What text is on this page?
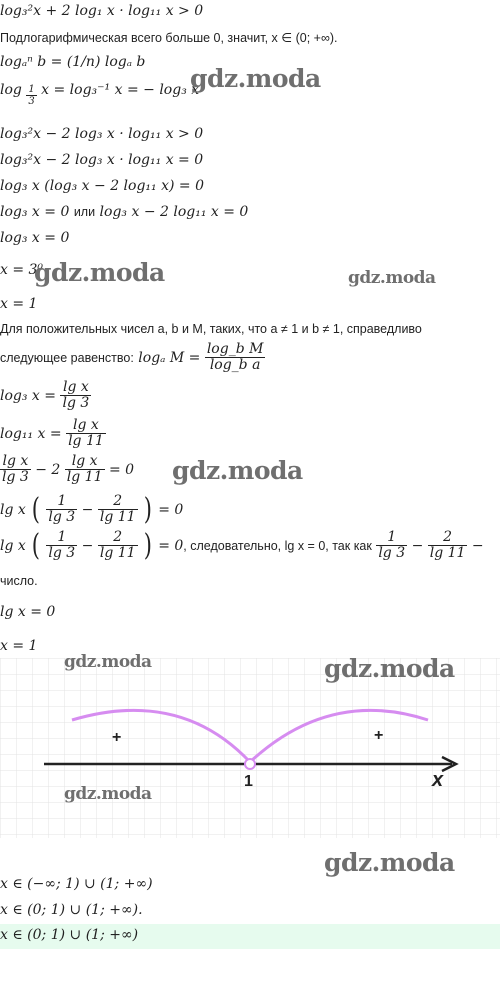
log₃²x + 2 log₁ x · log₁₁ x > 0
Подлогарифмическая всего больше 0, значит, x ∈ (0; +∞).
logₐⁿ b = (1/n) logₐ b
$\log \frac{1}{3}$ x = log₃⁻¹ x = − log₃ x
log₃²x − 2 log₃ x · log₁₁ x > 0
log₃²x − 2 log₃ x · log₁₁ x = 0
log₃ x (log₃ x − 2 log₁₁ x) = 0
log₃ x = 0 или log₃ x − 2 log₁₁ x = 0
log₃ x = 0
x = 3⁰
x = 1
Для положительных чисел a, b и M, таких, что a ≠ 1 и b ≠ 1, справедливо
следующее равенство: logₐ $M = \frac{\text{log\_b M}}{\text{log\_b a}}$
log₃ $x = \frac{\text{lg x}}{\lg 3}$
log₁₁ $x = \frac{\text{lg x}}{\lg 11}$
$\frac{\text{lg x}}{\lg 3} - 2 \frac{\text{lg x}}{\lg 11} = 0$
lg x ( $\frac{1}{\lg 3} - \frac{2}{\lg 11}$ ) = 0
lg x ( $\frac{1}{\lg 3} - \frac{2}{\lg 11}$ ) = 0, следовательно, lg x = 0, так как $\frac{1}{\lg 3} - \frac{2}{\lg 11}$ −
число.
lg x = 0
x = 1
1	x
+	+
x ∈ (−∞; 1) ∪ (1; +∞)
x ∈ (0; 1) ∪ (1; +∞).
x ∈ (0; 1) ∪ (1; +∞)
gdz.moda
gdz.moda	gdz.moda
gdz.moda
gdz.moda	gdz.moda
gdz.moda
gdz.moda
